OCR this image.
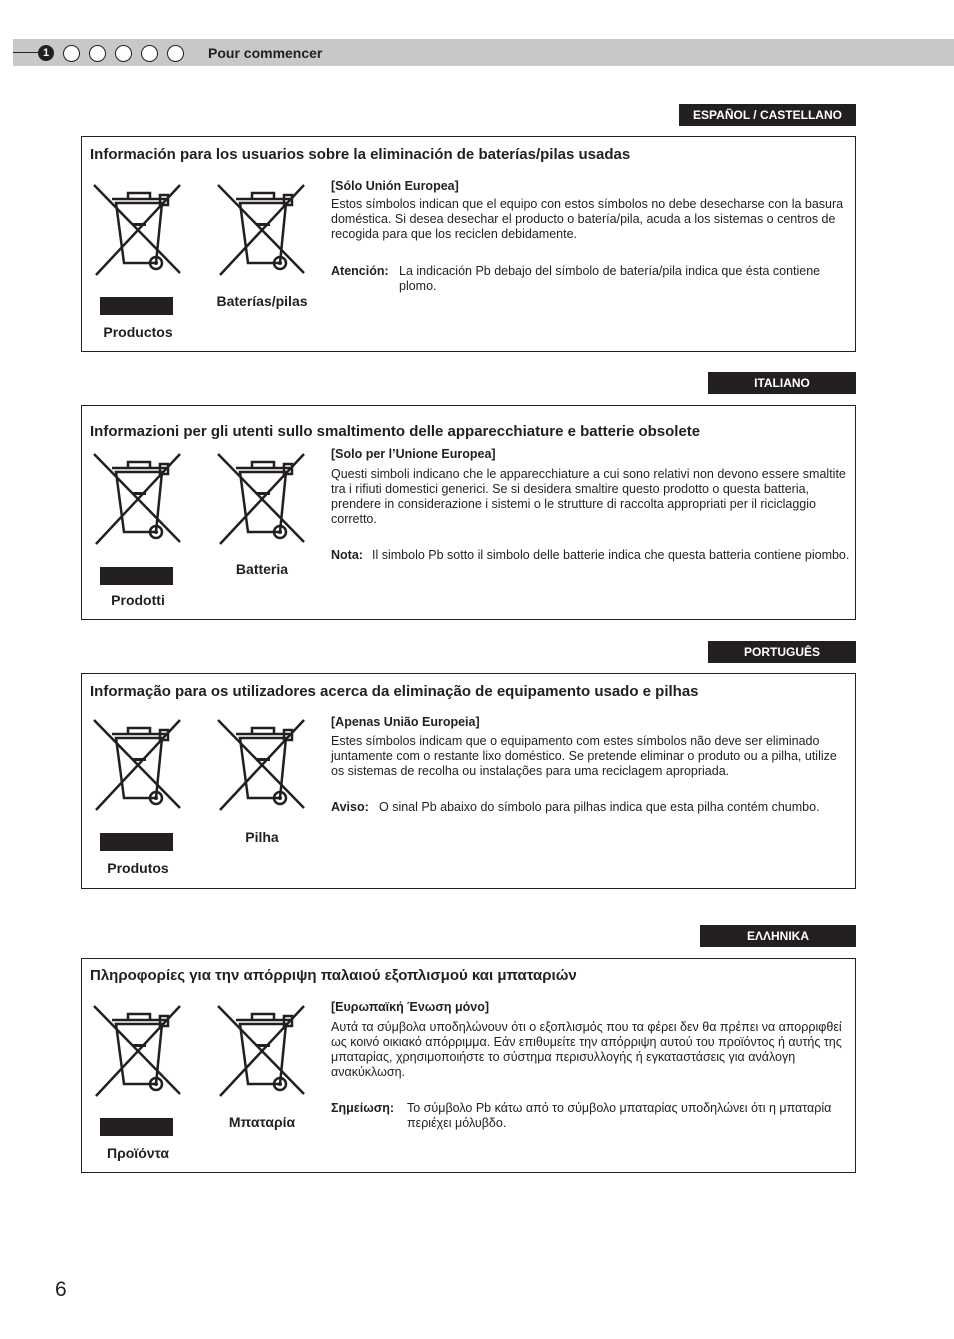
1	Pour commencer
ESPAÑOL / CASTELLANO
Información para los usuarios sobre la eliminación de baterías/pilas usadas
Productos
Baterías/pilas
[Sólo Unión Europea]
Estos símbolos indican que el equipo con estos símbolos no debe desecharse con la basura doméstica. Si desea desechar el producto o batería/pila, acuda a los sistemas o centros de recogida para que los reciclen debidamente.
Atención: La indicación Pb debajo del símbolo de batería/pila indica que ésta contiene plomo.
ITALIANO
Informazioni per gli utenti sullo smaltimento delle apparecchiature e batterie obsolete
Prodotti
Batteria
[Solo per l’Unione Europea]
Questi simboli indicano che le apparecchiature a cui sono relativi non devono essere smaltite tra i rifiuti domestici generici. Se si desidera smaltire questo prodotto o questa batteria, prendere in considerazione i sistemi o le strutture di raccolta appropriati per il riciclaggio corretto.
Nota: Il simbolo Pb sotto il simbolo delle batterie indica che questa batteria contiene piombo.
PORTUGUÊS
Informação para os utilizadores acerca da eliminação de equipamento usado e pilhas
Produtos
Pilha
[Apenas União Europeia]
Estes símbolos indicam que o equipamento com estes símbolos não deve ser eliminado juntamente com o restante lixo doméstico. Se pretende eliminar o produto ou a pilha, utilize os sistemas de recolha ou instalações para uma reciclagem apropriada.
Aviso: O sinal Pb abaixo do símbolo para pilhas indica que esta pilha contém chumbo.
ΕΛΛΗΝΙΚΑ
Πληροφορίες για την απόρριψη παλαιού εξοπλισμού και μπαταριών
Προϊόντα
Μπαταρία
[Ευρωπαϊκή Ένωση μόνο]
Αυτά τα σύμβολα υποδηλώνουν ότι ο εξοπλισμός που τα φέρει δεν θα πρέπει να απορριφθεί ως κοινό οικιακό απόρριμμα. Εάν επιθυμείτε την απόρριψη αυτού του προϊόντος ή αυτής της μπαταρίας, χρησιμοποιήστε το σύστημα περισυλλογής ή εγκαταστάσεις για ανάλογη ανακύκλωση.
Σημείωση: Το σύμβολο Pb κάτω από το σύμβολο μπαταρίας υποδηλώνει ότι η μπαταρία περιέχει μόλυβδο.
6
